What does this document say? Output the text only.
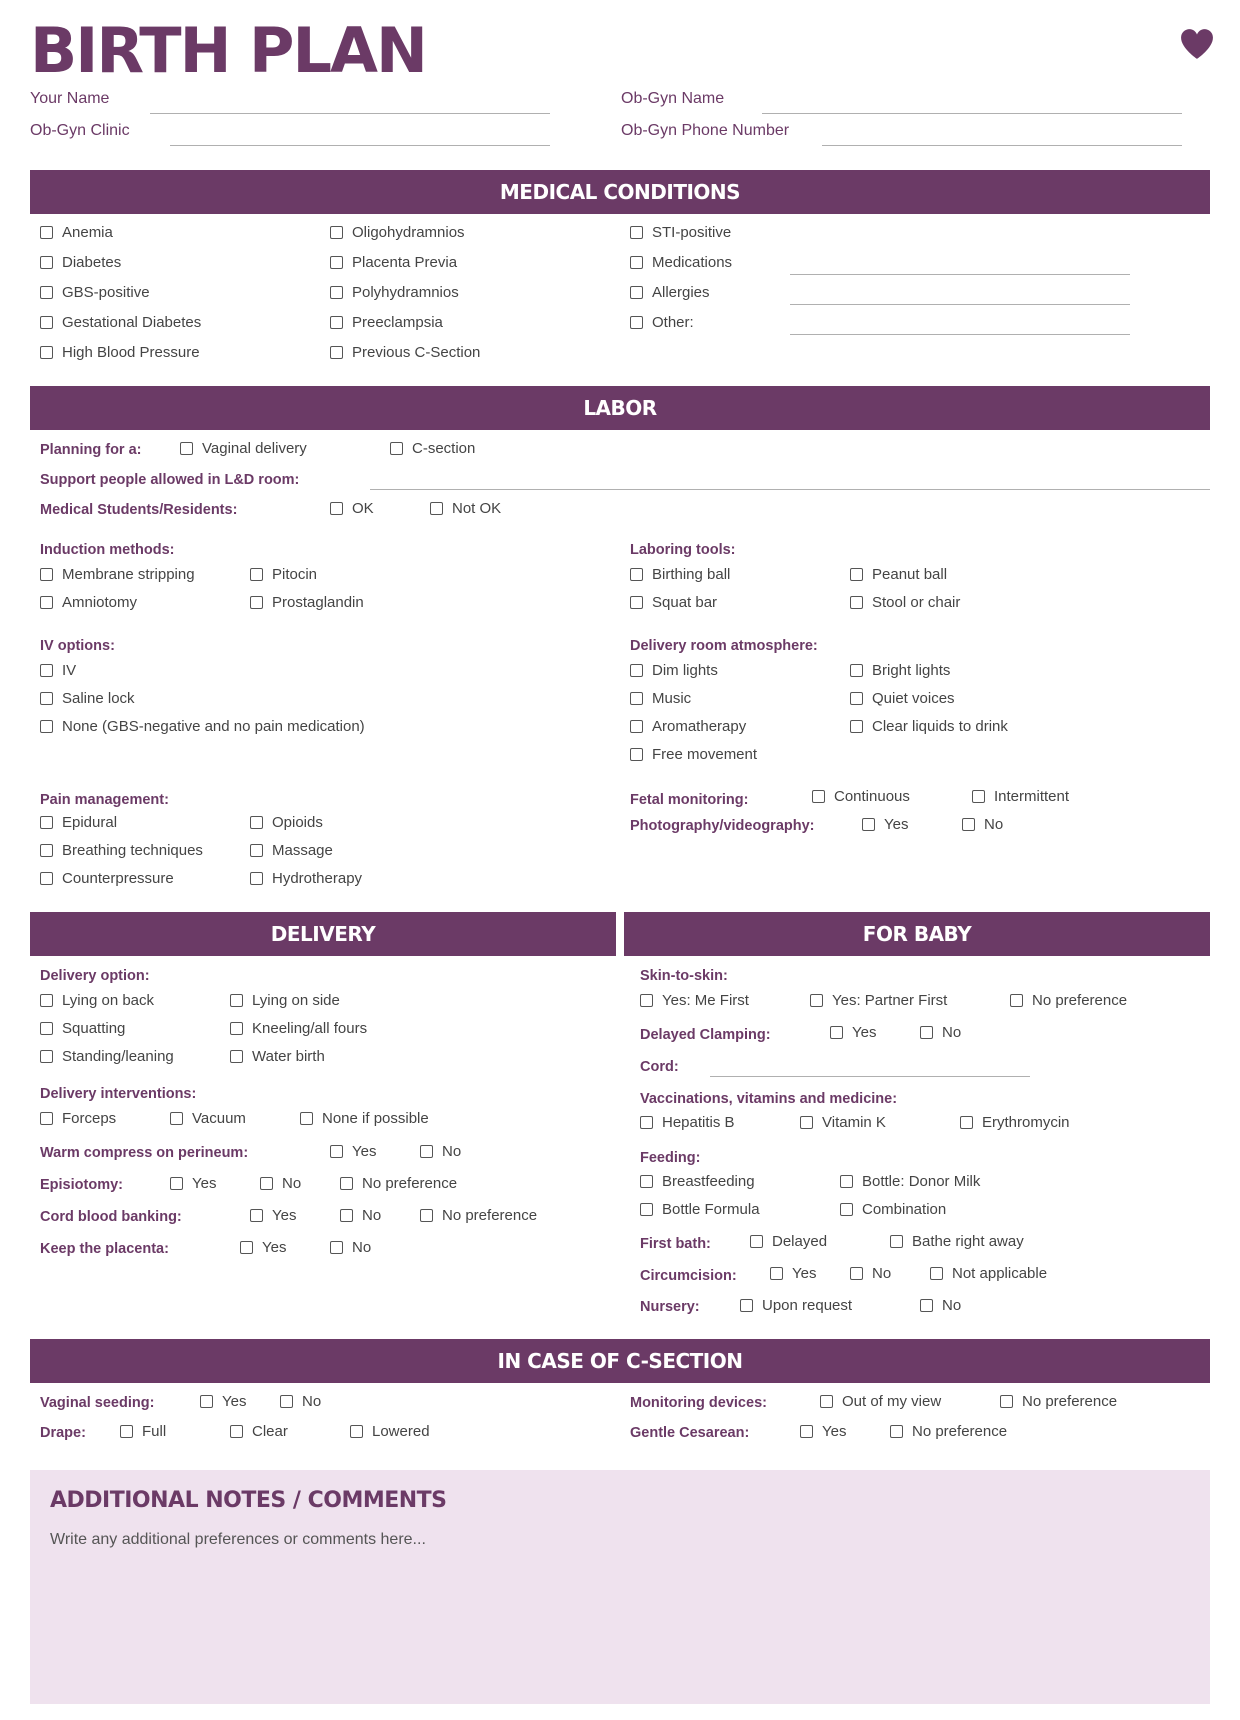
BIRTH PLAN
Your Name	Ob-Gyn Name
Ob-Gyn Clinic	Ob-Gyn Phone Number
MEDICAL CONDITIONS
Anemia
Diabetes
GBS-positive
Gestational Diabetes
High Blood Pressure
Oligohydramnios
Placenta Previa
Polyhydramnios
Preeclampsia
Previous C-Section
STI-positive
Medications
Allergies
Other:
LABOR
Planning for a:	Vaginal delivery	C-section
Support people allowed in L&D room:
Medical Students/Residents:	OK	Not OK
Induction methods:
Membrane stripping	Pitocin
Amniotomy	Prostaglandin
Laboring tools:
Birthing ball	Peanut ball
Squat bar	Stool or chair
IV options:
IV
Saline lock
None (GBS-negative and no pain medication)
Delivery room atmosphere:
Dim lights	Bright lights
Music	Quiet voices
Aromatherapy	Clear liquids to drink
Free movement
Pain management:
Epidural	Opioids
Breathing techniques	Massage
Counterpressure	Hydrotherapy
Fetal monitoring:	Continuous	Intermittent
Photography/videography:	Yes	No
DELIVERY
Delivery option:
Lying on back	Lying on side
Squatting	Kneeling/all fours
Standing/leaning	Water birth
Delivery interventions:
Forceps	Vacuum	None if possible
Warm compress on perineum:	Yes	No
Episiotomy:	Yes	No	No preference
Cord blood banking:	Yes	No	No preference
Keep the placenta:	Yes	No
FOR BABY
Skin-to-skin:
Yes: Me First	Yes: Partner First	No preference
Delayed Clamping:	Yes	No
Cord:
Vaccinations, vitamins and medicine:
Hepatitis B	Vitamin K	Erythromycin
Feeding:
Breastfeeding	Bottle: Donor Milk
Bottle Formula	Combination
First bath:	Delayed	Bathe right away
Circumcision:	Yes	No	Not applicable
Nursery:	Upon request	No
IN CASE OF C-SECTION
Vaginal seeding:	Yes	No
Drape:	Full	Clear	Lowered
Monitoring devices:	Out of my view	No preference
Gentle Cesarean:	Yes	No preference
ADDITIONAL NOTES / COMMENTS
Write any additional preferences or comments here...
